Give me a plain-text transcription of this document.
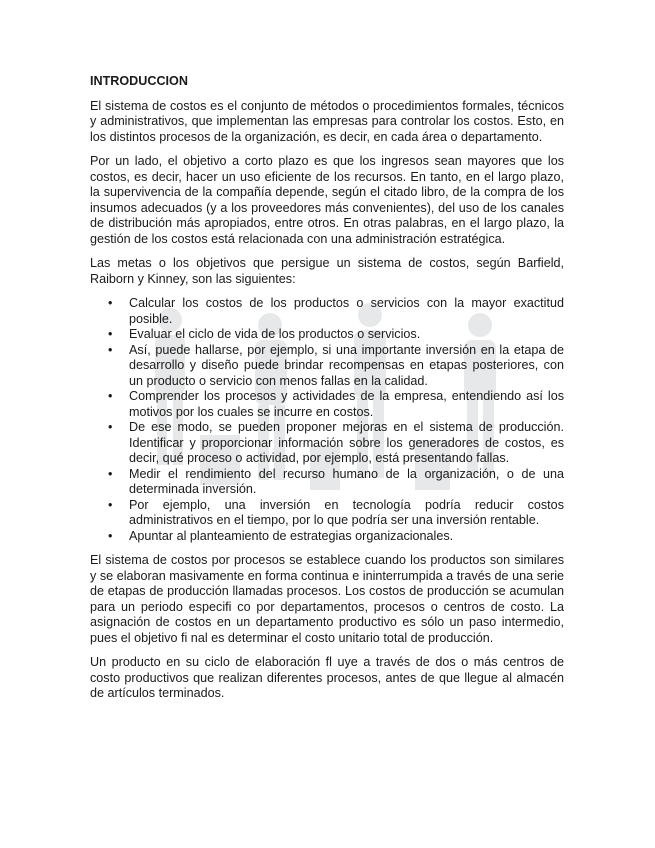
INTRODUCCION

El sistema de costos es el conjunto de métodos o procedimientos formales, técnicos y administrativos, que implementan las empresas para controlar los costos. Esto, en los distintos procesos de la organización, es decir, en cada área o departamento.

Por un lado, el objetivo a corto plazo es que los ingresos sean mayores que los costos, es decir, hacer un uso eficiente de los recursos. En tanto, en el largo plazo, la supervivencia de la compañía depende, según el citado libro, de la compra de los insumos adecuados (y a los proveedores más convenientes), del uso de los canales de distribución más apropiados, entre otros. En otras palabras, en el largo plazo, la gestión de los costos está relacionada con una administración estratégica.

Las metas o los objetivos que persigue un sistema de costos, según Barfield, Raiborn y Kinney, son las siguientes:

• Calcular los costos de los productos o servicios con la mayor exactitud posible.
• Evaluar el ciclo de vida de los productos o servicios.
• Así, puede hallarse, por ejemplo, si una importante inversión en la etapa de desarrollo y diseño puede brindar recompensas en etapas posteriores, con un producto o servicio con menos fallas en la calidad.
• Comprender los procesos y actividades de la empresa, entendiendo así los motivos por los cuales se incurre en costos.
• De ese modo, se pueden proponer mejoras en el sistema de producción. Identificar y proporcionar información sobre los generadores de costos, es decir, qué proceso o actividad, por ejemplo, está presentando fallas.
• Medir el rendimiento del recurso humano de la organización, o de una determinada inversión.
• Por ejemplo, una inversión en tecnología podría reducir costos administrativos en el tiempo, por lo que podría ser una inversión rentable.
• Apuntar al planteamiento de estrategias organizacionales.

El sistema de costos por procesos se establece cuando los productos son similares y se elaboran masivamente en forma continua e ininterrumpida a través de una serie de etapas de producción llamadas procesos. Los costos de producción se acumulan para un periodo especifi co por departamentos, procesos o centros de costo. La asignación de costos en un departamento productivo es sólo un paso intermedio, pues el objetivo fi nal es determinar el costo unitario total de producción.

Un producto en su ciclo de elaboración fl uye a través de dos o más centros de costo productivos que realizan diferentes procesos, antes de que llegue al almacén de artículos terminados.
